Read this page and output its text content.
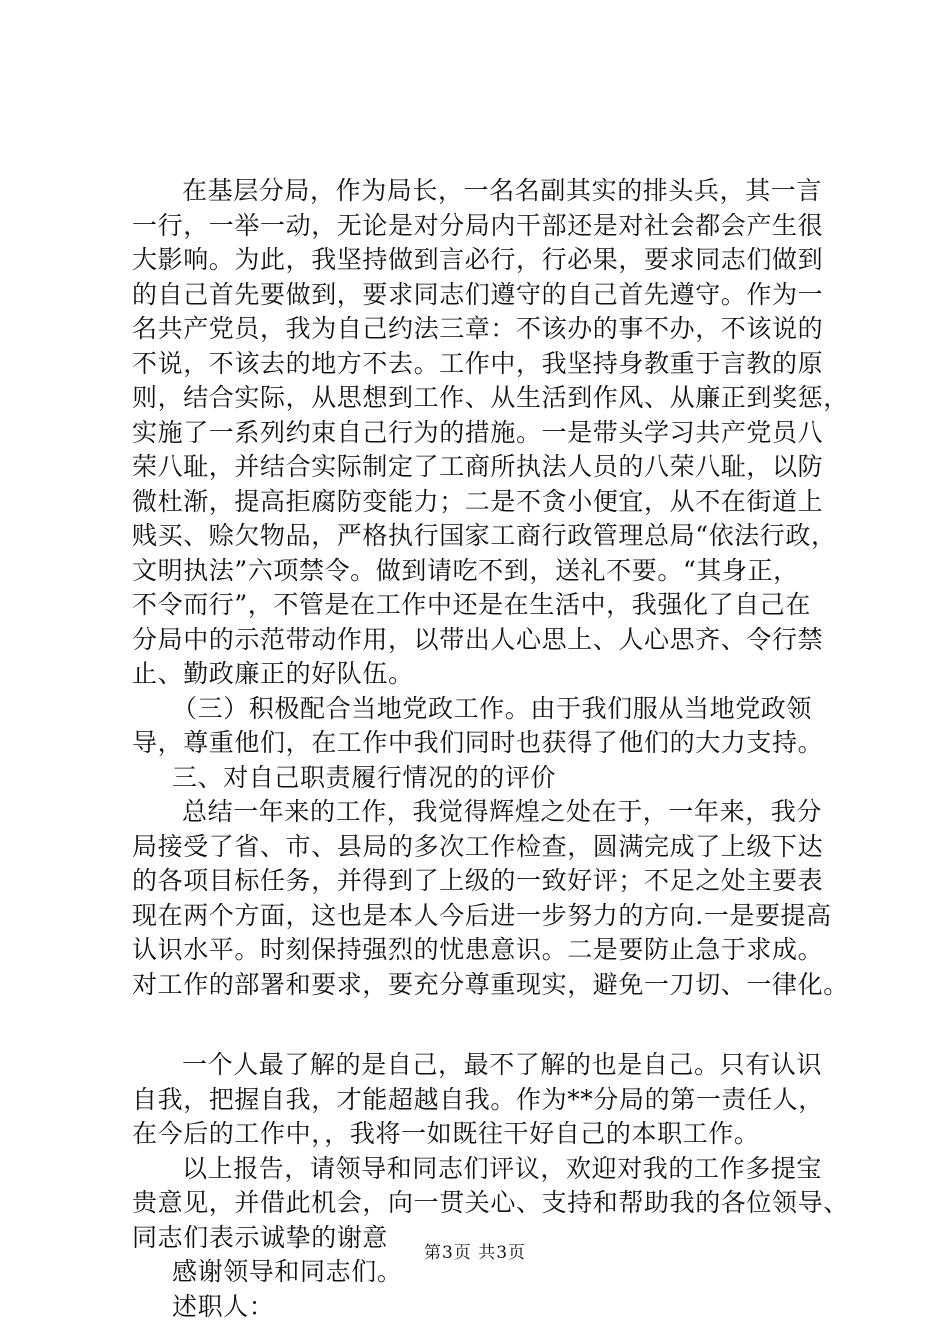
在基层分局，作为局长，一名名副其实的排头兵，其一言
一行，一举一动，无论是对分局内干部还是对社会都会产生很
大影响。为此，我坚持做到言必行，行必果，要求同志们做到
的自己首先要做到，要求同志们遵守的自己首先遵守。作为一
名共产党员，我为自己约法三章：不该办的事不办，不该说的
不说，不该去的地方不去。工作中，我坚持身教重于言教的原
则，结合实际，从思想到工作、从生活到作风、从廉正到奖惩，
实施了一系列约束自己行为的措施。一是带头学习共产党员八
荣八耻，并结合实际制定了工商所执法人员的八荣八耻，以防
微杜渐，提高拒腐防变能力；二是不贪小便宜，从不在街道上
贱买、赊欠物品，严格执行国家工商行政管理总局“依法行政，
文明执法”六项禁令。做到请吃不到，送礼不要。“其身正，
不令而行”，不管是在工作中还是在生活中，我强化了自己在
分局中的示范带动作用，以带出人心思上、人心思齐、令行禁
止、勤政廉正的好队伍。
（三）积极配合当地党政工作。由于我们服从当地党政领
导，尊重他们，在工作中我们同时也获得了他们的大力支持。
三、对自己职责履行情况的的评价
总结一年来的工作，我觉得辉煌之处在于，一年来，我分
局接受了省、市、县局的多次工作检查，圆满完成了上级下达
的各项目标任务，并得到了上级的一致好评；不足之处主要表
现在两个方面，这也是本人今后进一步努力的方向.一是要提高
认识水平。时刻保持强烈的忧患意识。二是要防止急于求成。
对工作的部署和要求，要充分尊重现实，避免一刀切、一律化。
一个人最了解的是自己，最不了解的也是自己。只有认识
自我，把握自我，才能超越自我。作为**分局的第一责任人，
在今后的工作中，，我将一如既往干好自己的本职工作。
以上报告，请领导和同志们评议，欢迎对我的工作多提宝
贵意见，并借此机会，向一贯关心、支持和帮助我的各位领导、
同志们表示诚挚的谢意
感谢领导和同志们。
述职人：
第3页 共3页
